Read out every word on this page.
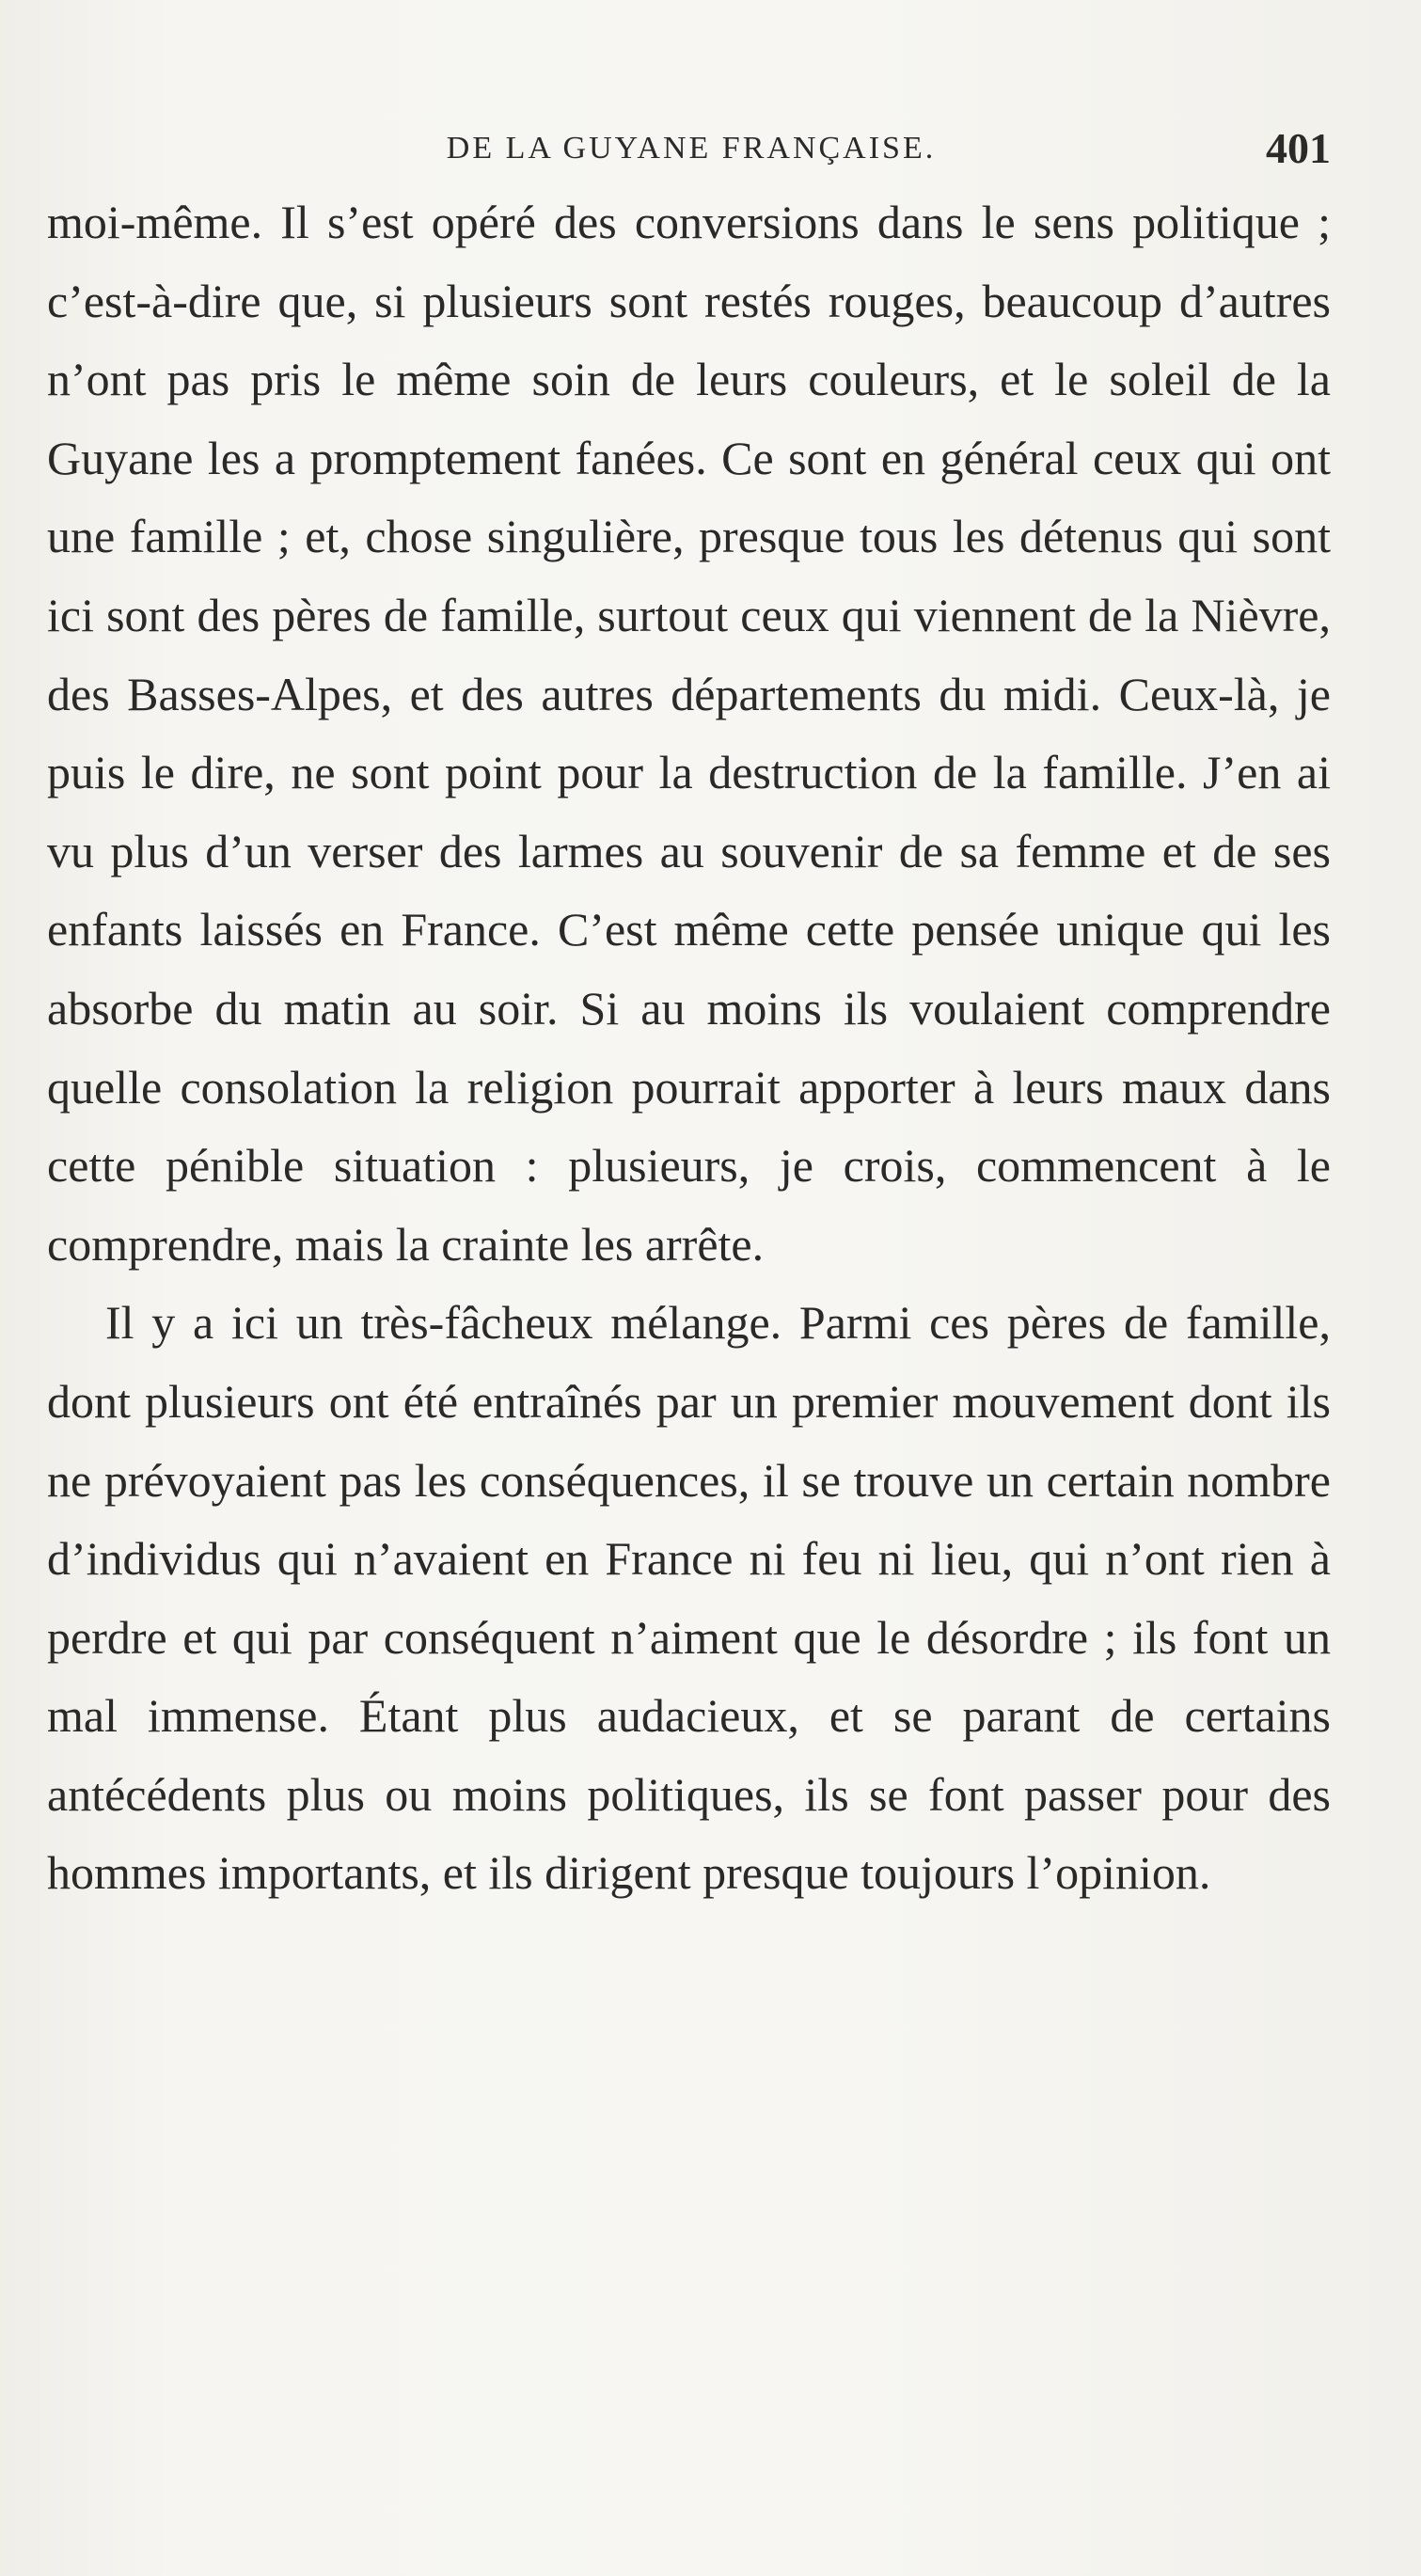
DE LA GUYANE FRANÇAISE.	401

moi-même. Il s’est opéré des conversions dans le sens politique ; c’est-à-dire que, si plusieurs sont restés rouges, beaucoup d’autres n’ont pas pris le même soin de leurs couleurs, et le soleil de la Guyane les a promptement fanées. Ce sont en général ceux qui ont une famille ; et, chose singulière, presque tous les détenus qui sont ici sont des pères de famille, surtout ceux qui viennent de la Nièvre, des Basses-Alpes, et des autres départements du midi. Ceux-là, je puis le dire, ne sont point pour la destruction de la famille. J’en ai vu plus d’un verser des larmes au souvenir de sa femme et de ses enfants laissés en France. C’est même cette pensée unique qui les absorbe du matin au soir. Si au moins ils voulaient comprendre quelle consolation la religion pourrait apporter à leurs maux dans cette pénible situation : plusieurs, je crois, commencent à le comprendre, mais la crainte les arrête.

Il y a ici un très-fâcheux mélange. Parmi ces pères de famille, dont plusieurs ont été entraînés par un premier mouvement dont ils ne prévoyaient pas les conséquences, il se trouve un certain nombre d’individus qui n’avaient en France ni feu ni lieu, qui n’ont rien à perdre et qui par conséquent n’aiment que le désordre ; ils font un mal immense. Étant plus audacieux, et se parant de certains antécédents plus ou moins politiques, ils se font passer pour des hommes importants, et ils dirigent presque toujours l’opinion.
